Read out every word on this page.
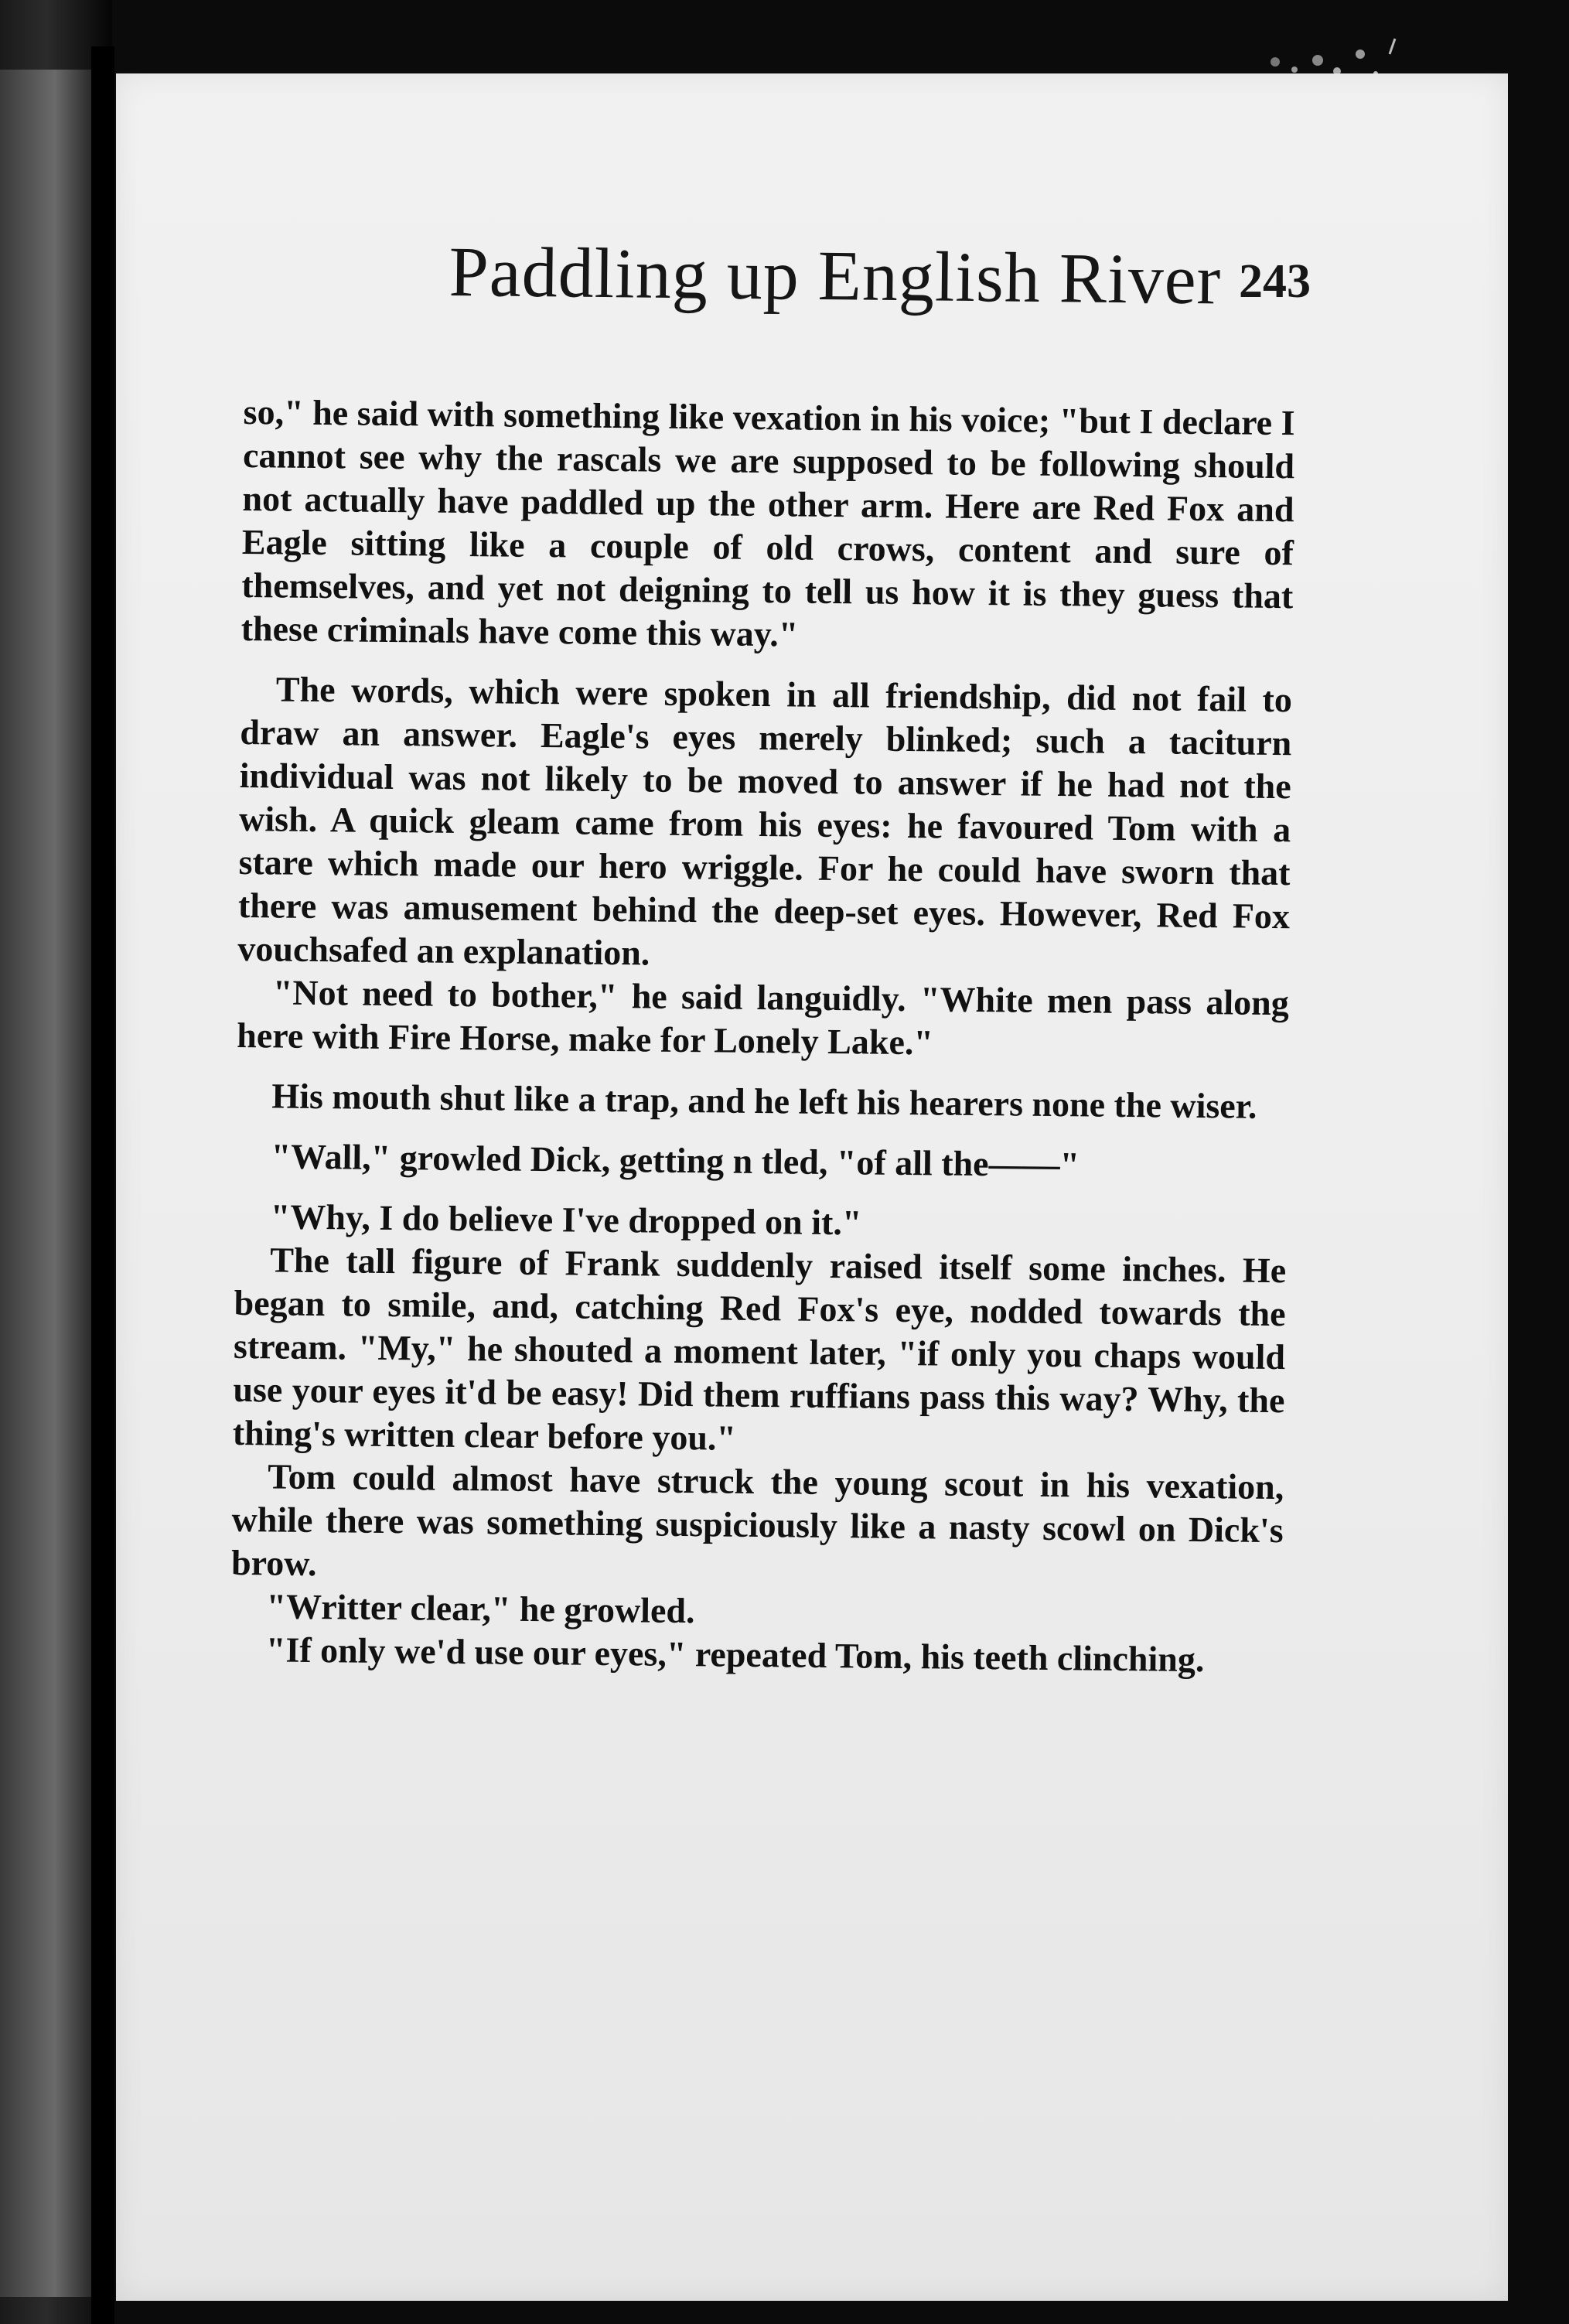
Paddling up English River 243

so," he said with something like vexation in his voice; "but I declare I cannot see why the rascals we are supposed to be following should not actually have paddled up the other arm. Here are Red Fox and Eagle sitting like a couple of old crows, content and sure of themselves, and yet not deigning to tell us how it is they guess that these criminals have come this way."

The words, which were spoken in all friendship, did not fail to draw an answer. Eagle's eyes merely blinked; such a taciturn individual was not likely to be moved to answer if he had not the wish. A quick gleam came from his eyes: he favoured Tom with a stare which made our hero wriggle. For he could have sworn that there was amusement behind the deep-set eyes. However, Red Fox vouchsafed an explanation.

"Not need to bother," he said languidly. "White men pass along here with Fire Horse, make for Lonely Lake."

His mouth shut like a trap, and he left his hearers none the wiser.

"Wall," growled Dick, getting n tled, "of all the——"

"Why, I do believe I've dropped on it."

The tall figure of Frank suddenly raised itself some inches. He began to smile, and, catching Red Fox's eye, nodded towards the stream. "My," he shouted a moment later, "if only you chaps would use your eyes it'd be easy! Did them ruffians pass this way? Why, the thing's written clear before you."

Tom could almost have struck the young scout in his vexation, while there was something suspiciously like a nasty scowl on Dick's brow.

"Writter clear," he growled.

"If only we'd use our eyes," repeated Tom, his teeth clinching.
